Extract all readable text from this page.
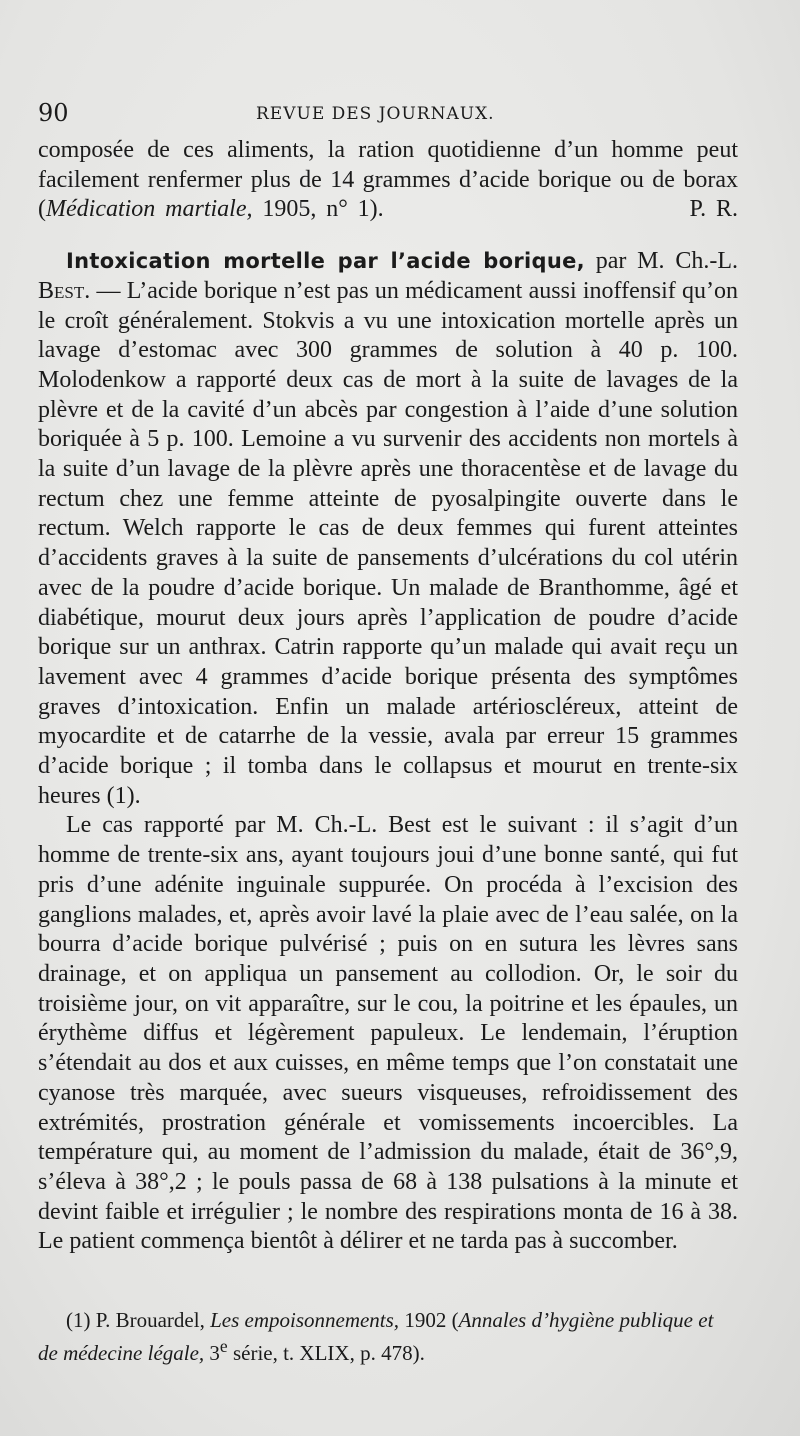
90	REVUE DES JOURNAUX.

composée de ces aliments, la ration quotidienne d’un homme peut facilement renfermer plus de 14 grammes d’acide borique ou de borax (Médication martiale, 1905, n° 1).	P. R.

Intoxication mortelle par l’acide borique, par M. Ch.-L. Best. — L’acide borique n’est pas un médicament aussi inoffensif qu’on le croît généralement. Stokvis a vu une intoxication mortelle après un lavage d’estomac avec 300 grammes de solution à 40 p. 100. Molodenkow a rapporté deux cas de mort à la suite de lavages de la plèvre et de la cavité d’un abcès par congestion à l’aide d’une solution boriquée à 5 p. 100. Lemoine a vu survenir des accidents non mortels à la suite d’un lavage de la plèvre après une thoracentèse et de lavage du rectum chez une femme atteinte de pyosalpingite ouverte dans le rectum. Welch rapporte le cas de deux femmes qui furent atteintes d’accidents graves à la suite de pansements d’ulcérations du col utérin avec de la poudre d’acide borique. Un malade de Branthomme, âgé et diabétique, mourut deux jours après l’application de poudre d’acide borique sur un anthrax. Catrin rapporte qu’un malade qui avait reçu un lavement avec 4 grammes d’acide borique présenta des symptômes graves d’intoxication. Enfin un malade artérioscléreux, atteint de myocardite et de catarrhe de la vessie, avala par erreur 15 grammes d’acide borique ; il tomba dans le collapsus et mourut en trente-six heures (1).

Le cas rapporté par M. Ch.-L. Best est le suivant : il s’agit d’un homme de trente-six ans, ayant toujours joui d’une bonne santé, qui fut pris d’une adénite inguinale suppurée. On procéda à l’excision des ganglions malades, et, après avoir lavé la plaie avec de l’eau salée, on la bourra d’acide borique pulvérisé ; puis on en sutura les lèvres sans drainage, et on appliqua un pansement au collodion. Or, le soir du troisième jour, on vit apparaître, sur le cou, la poitrine et les épaules, un érythème diffus et légèrement papuleux. Le lendemain, l’éruption s’étendait au dos et aux cuisses, en même temps que l’on constatait une cyanose très marquée, avec sueurs visqueuses, refroidissement des extrémités, prostration générale et vomissements incoercibles. La température qui, au moment de l’admission du malade, était de 36°,9, s’éleva à 38°,2 ; le pouls passa de 68 à 138 pulsations à la minute et devint faible et irrégulier ; le nombre des respirations monta de 16 à 38. Le patient commença bientôt à délirer et ne tarda pas à succomber.

(1) P. Brouardel, Les empoisonnements, 1902 (Annales d’hygiène publique et de médecine légale, 3e série, t. XLIX, p. 478).
